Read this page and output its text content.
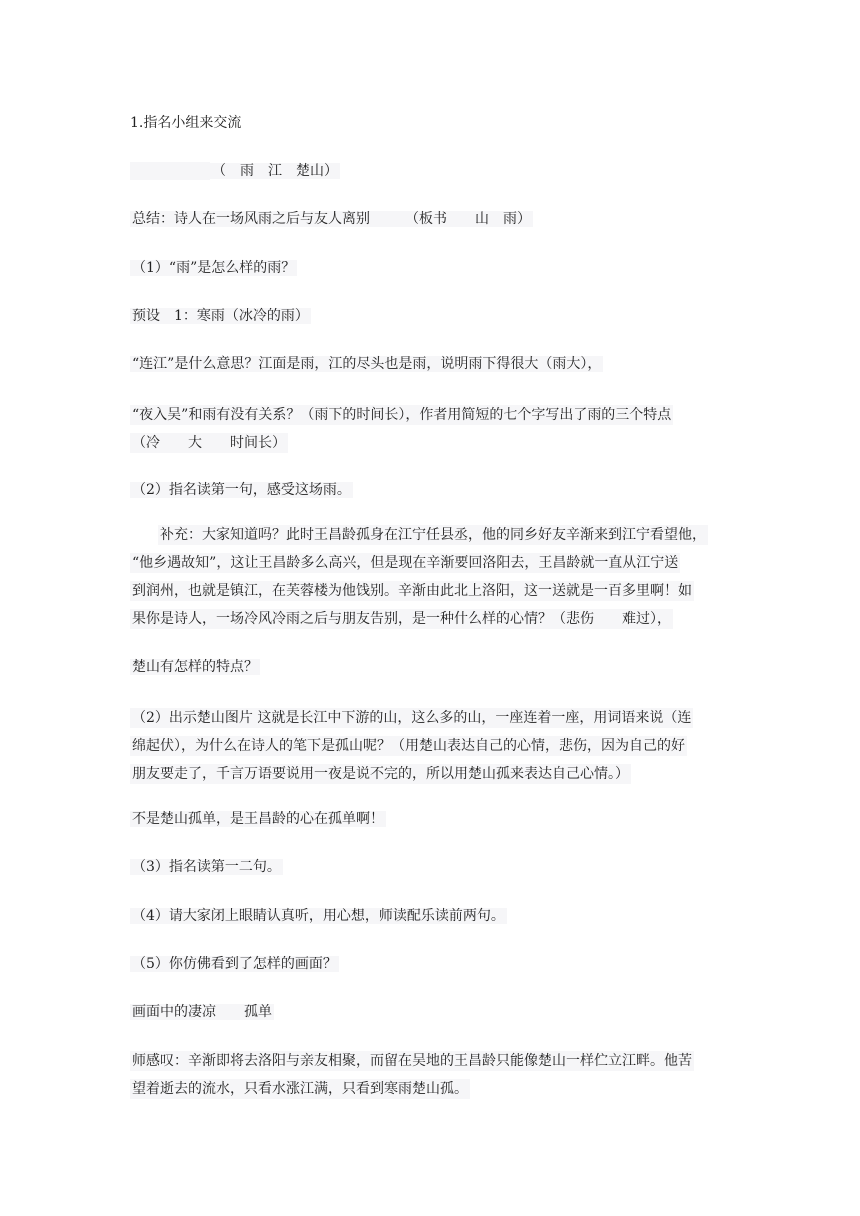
1.指名小组来交流
（　雨　江　楚山）
总结：诗人在一场风雨之后与友人离别　　　（板书　　山　雨）
（1）“雨”是怎么样的雨？
预设　1：寒雨（冰冷的雨）
“连江”是什么意思？江面是雨，江的尽头也是雨，说明雨下得很大（雨大），
“夜入吴”和雨有没有关系？（雨下的时间长），作者用简短的七个字写出了雨的三个特点
（冷　　大　　时间长）
（2）指名读第一句，感受这场雨。
补充：大家知道吗？此时王昌龄孤身在江宁任县丞，他的同乡好友辛渐来到江宁看望他，
“他乡遇故知”，这让王昌龄多么高兴，但是现在辛渐要回洛阳去，王昌龄就一直从江宁送
到润州，也就是镇江，在芙蓉楼为他饯别。辛渐由此北上洛阳，这一送就是一百多里啊！如
果你是诗人，一场冷风冷雨之后与朋友告别，是一种什么样的心情？（悲伤　　难过），
楚山有怎样的特点？
（2）出示楚山图片 这就是长江中下游的山，这么多的山，一座连着一座，用词语来说（连
绵起伏），为什么在诗人的笔下是孤山呢？（用楚山表达自己的心情，悲伤，因为自己的好
朋友要走了，千言万语要说用一夜是说不完的，所以用楚山孤来表达自己心情。）
不是楚山孤单，是王昌龄的心在孤单啊！
（3）指名读第一二句。
（4）请大家闭上眼睛认真听，用心想，师读配乐读前两句。
（5）你仿佛看到了怎样的画面？
画面中的凄凉　　孤单
师感叹：辛渐即将去洛阳与亲友相聚，而留在吴地的王昌龄只能像楚山一样伫立江畔。他苦
望着逝去的流水，只看水涨江满，只看到寒雨楚山孤。
